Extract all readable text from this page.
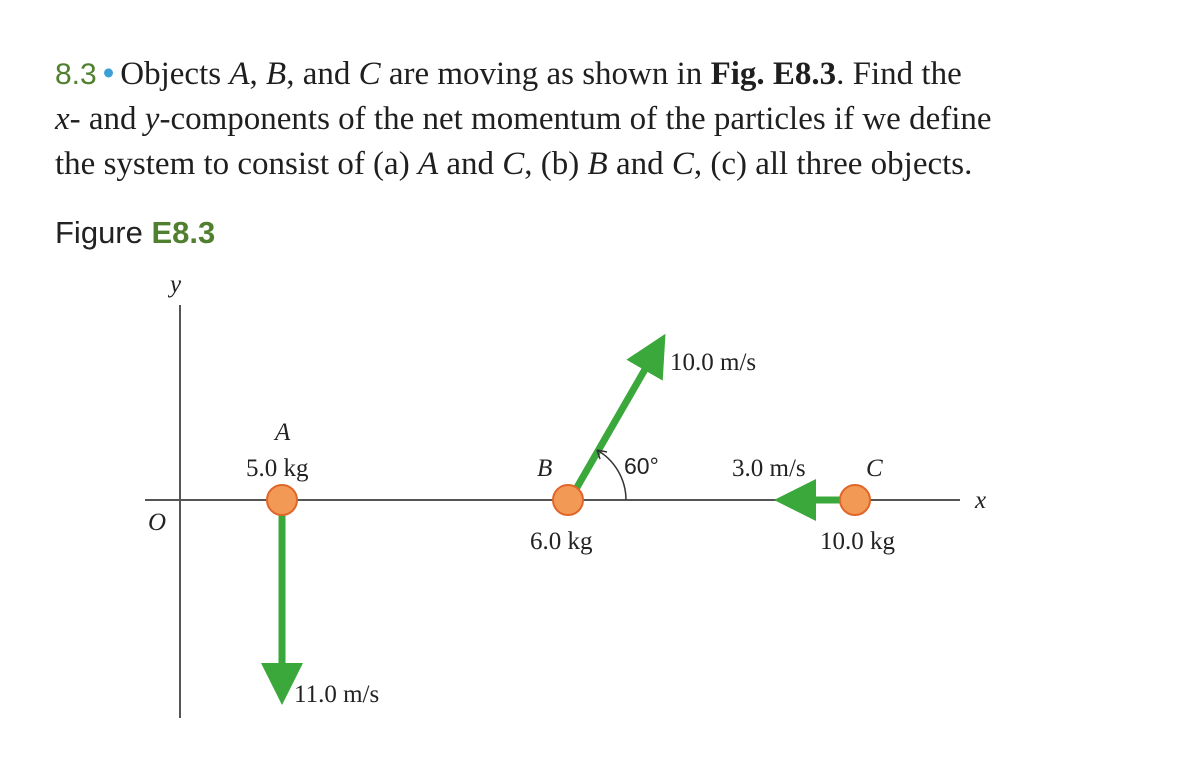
8.3 • Objects A, B, and C are moving as shown in Fig. E8.3. Find the
x- and y-components of the net momentum of the particles if we define
the system to consist of (a) A and C, (b) B and C, (c) all three objects.
Figure E8.3
y
x
O
A
5.0 kg
11.0 m/s
B
6.0 kg
10.0 m/s
60°	C
10.0 kg
3.0 m/s
